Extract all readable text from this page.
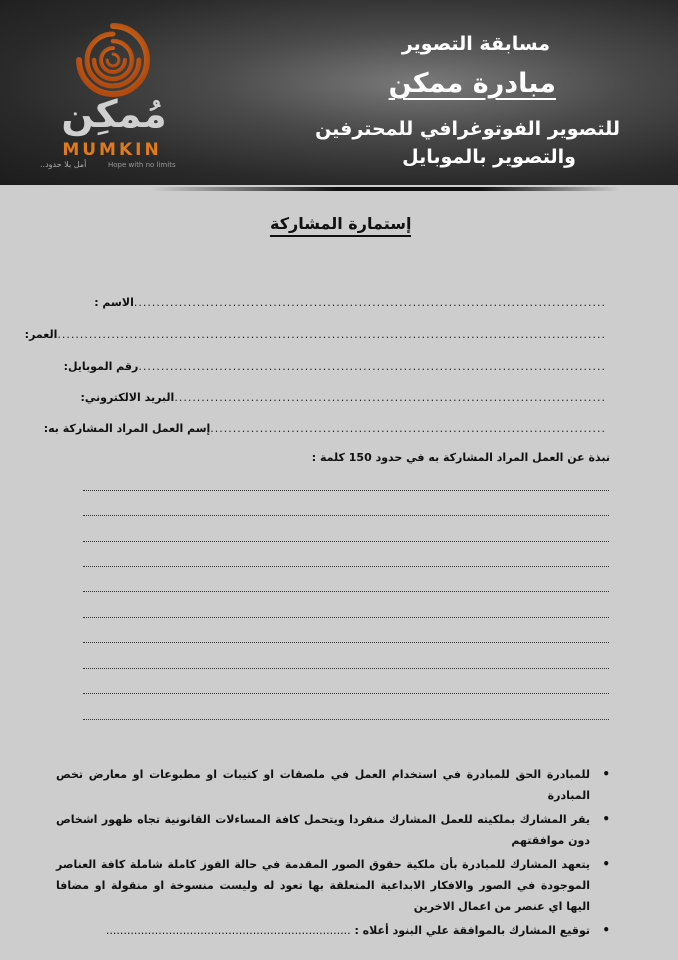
مُمكِن
MUMKIN
أمل بلا حدود..	Hope with no limits
مسابقة التصوير
مبادرة ممكن
للتصوير الفوتوغرافي للمحترفين
والتصوير بالموبايل
إستمارة المشاركة
الاسم : .........................................................................................................
العمر: ..........................................................................................................................
رقم الموبايل: ........................................................................................................
البريد الالكتروني: ................................................................................................
إسم العمل المراد المشاركة به: ........................................................................................
نبذة عن العمل المراد المشاركة به في حدود 150 كلمة :
•
للمبادرة الحق للمبادرة في استخدام العمل في ملصقات او كتيبات او مطبوعات او معارض تخص المبادرة
•
يقر المشارك بملكيته للعمل المشارك منفردا ويتحمل كافة المساءلات القانونية تجاه ظهور اشخاص دون موافقتهم
•
يتعهد المشارك للمبادرة بأن ملكية حقوق الصور المقدمة في حالة الفوز كاملة شاملة كافة العناصر الموجودة في الصور والافكار الابداعية المتعلقة بها تعود له وليست منسوخة او منقولة او مضافا اليها اي عنصر من اعمال الاخرين
•
توقيع المشارك بالموافقة علي البنود أعلاه : ......................................................................
